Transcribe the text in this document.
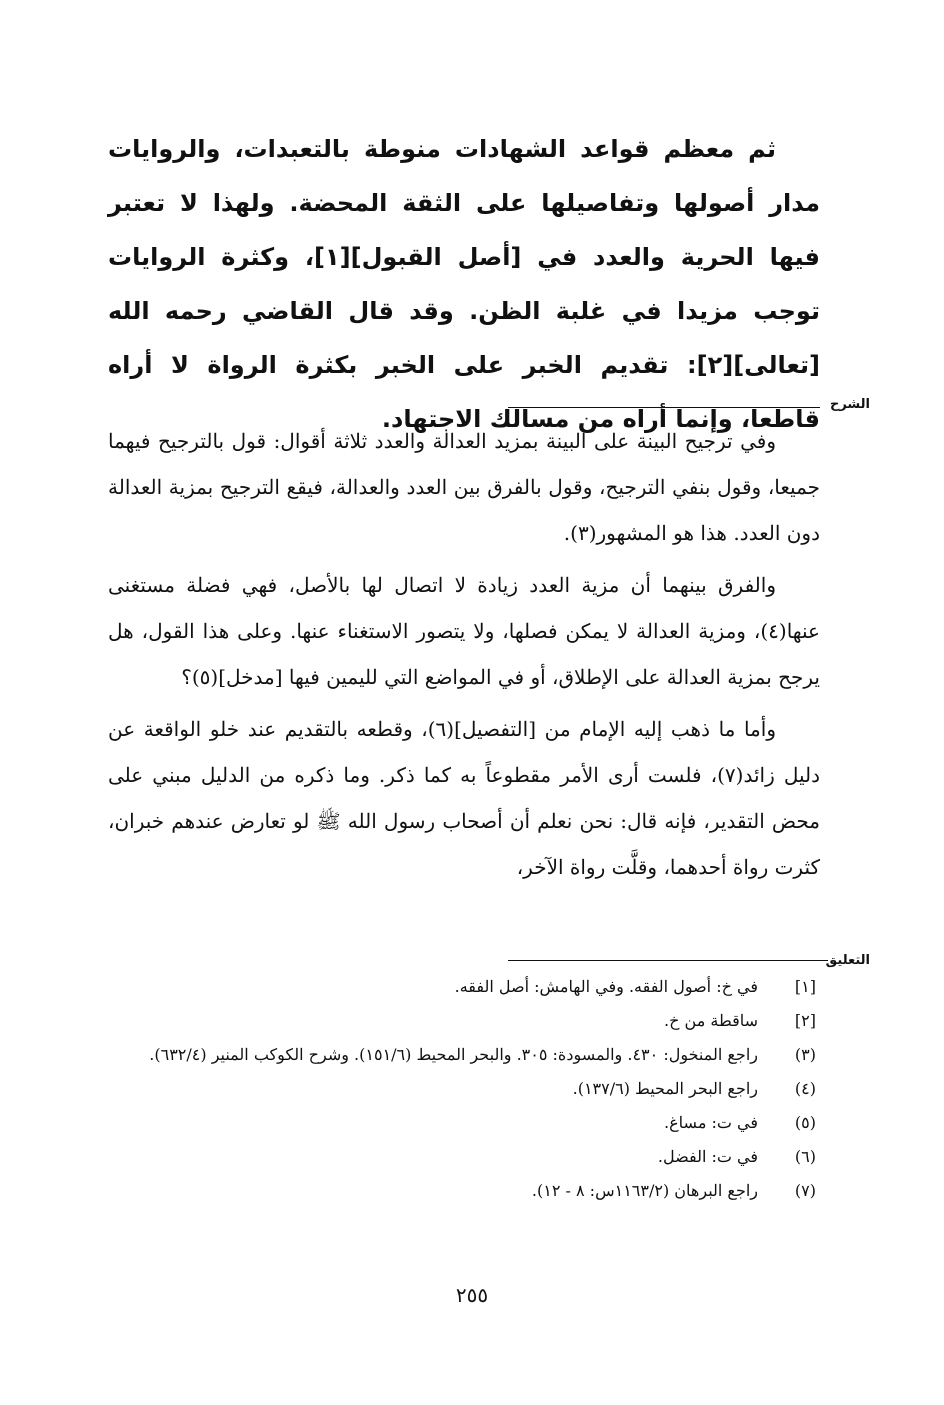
ثم معظم قواعد الشهادات منوطة بالتعبدات، والروايات مدار أصولها وتفاصيلها على الثقة المحضة. ولهذا لا تعتبر فيها الحرية والعدد في [أصل القبول][١]، وكثرة الروايات توجب مزيدا في غلبة الظن. وقد قال القاضي رحمه الله [تعالى][٢]: تقديم الخبر على الخبر بكثرة الرواة لا أراه قاطعا، وإنما أراه من مسالك الاجتهاد.

الشرح

وفي ترجيح البينة على البينة بمزيد العدالة والعدد ثلاثة أقوال: قول بالترجيح فيهما جميعا، وقول بنفي الترجيح، وقول بالفرق بين العدد والعدالة، فيقع الترجيح بمزية العدالة دون العدد. هذا هو المشهور(٣).

والفرق بينهما أن مزية العدد زيادة لا اتصال لها بالأصل، فهي فضلة مستغنى عنها(٤)، ومزية العدالة لا يمكن فصلها، ولا يتصور الاستغناء عنها. وعلى هذا القول، هل يرجح بمزية العدالة على الإطلاق، أو في المواضع التي لليمين فيها [مدخل](٥)؟

وأما ما ذهب إليه الإمام من [التفصيل](٦)، وقطعه بالتقديم عند خلو الواقعة عن دليل زائد(٧)، فلست أرى الأمر مقطوعاً به كما ذكر. وما ذكره من الدليل مبني على محض التقدير، فإنه قال: نحن نعلم أن أصحاب رسول الله ﷺ لو تعارض عندهم خبران، كثرت رواة أحدهما، وقلَّت رواة الآخر،

التعليق
[١]
في خ: أصول الفقه. وفي الهامش: أصل الفقه.
[٢]
ساقطة من خ.
(٣)
راجع المنخول: ٤٣٠. والمسودة: ٣٠٥. والبحر المحيط (١٥١/٦). وشرح الكوكب المنير (٦٣٢/٤).
(٤)
راجع البحر المحيط (١٣٧/٦).
(٥)
في ت: مساغ.
(٦)
في ت: الفضل.
(٧)
راجع البرهان (١١٦٣/٢س: ٨ - ١٢).
٢٥٥
